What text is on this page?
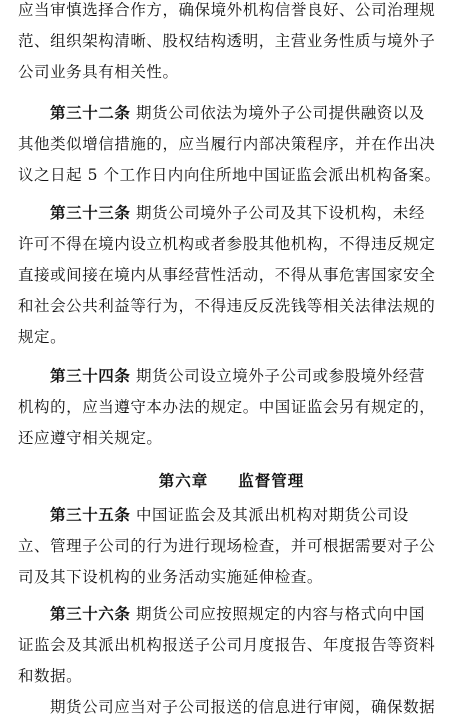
应当审慎选择合作方，确保境外机构信誉良好、公司治理规
范、组织架构清晰、股权结构透明，主营业务性质与境外子
公司业务具有相关性。
第三十二条 期货公司依法为境外子公司提供融资以及
其他类似增信措施的，应当履行内部决策程序，并在作出决
议之日起 5 个工作日内向住所地中国证监会派出机构备案。
第三十三条 期货公司境外子公司及其下设机构，未经
许可不得在境内设立机构或者参股其他机构，不得违反规定
直接或间接在境内从事经营性活动，不得从事危害国家安全
和社会公共利益等行为，不得违反反洗钱等相关法律法规的
规定。
第三十四条 期货公司设立境外子公司或参股境外经营
机构的，应当遵守本办法的规定。中国证监会另有规定的，
还应遵守相关规定。
第六章 监督管理
第三十五条 中国证监会及其派出机构对期货公司设
立、管理子公司的行为进行现场检查，并可根据需要对子公
司及其下设机构的业务活动实施延伸检查。
第三十六条 期货公司应按照规定的内容与格式向中国
证监会及其派出机构报送子公司月度报告、年度报告等资料
和数据。
期货公司应当对子公司报送的信息进行审阅，确保数据
